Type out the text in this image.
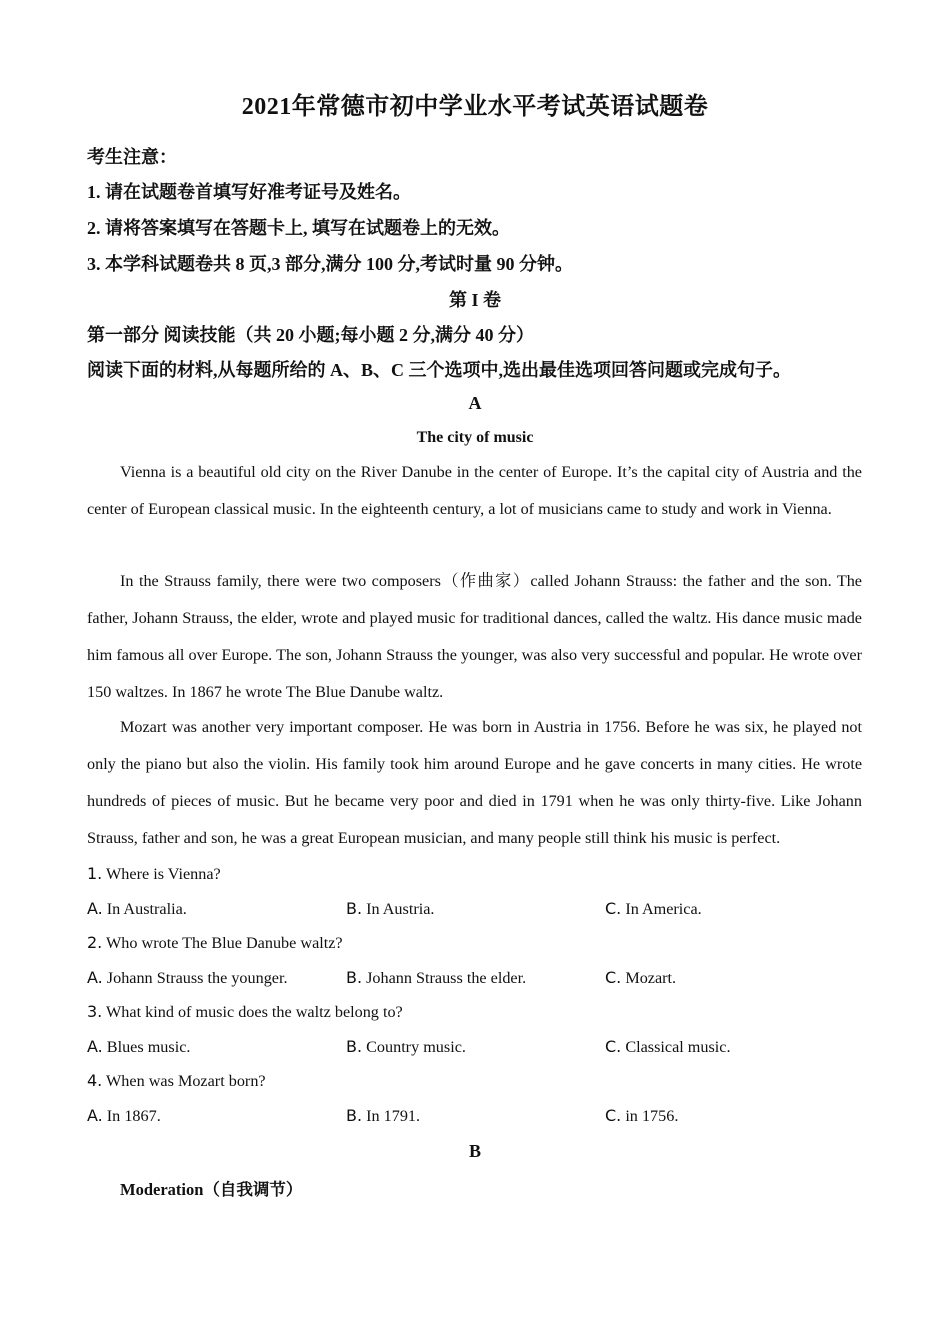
2021年常德市初中学业水平考试英语试题卷
考生注意：
1. 请在试题卷首填写好准考证号及姓名。
2. 请将答案填写在答题卡上, 填写在试题卷上的无效。
3. 本学科试题卷共 8 页,3 部分,满分 100 分,考试时量 90 分钟。
第 I 卷
第一部分 阅读技能（共 20 小题;每小题 2 分,满分 40 分）
阅读下面的材料,从每题所给的 A、B、C 三个选项中,选出最佳选项回答问题或完成句子。
A
The city of music
Vienna is a beautiful old city on the River Danube in the center of Europe. It’s the capital city of Austria and the center of European classical music. In the eighteenth century, a lot of musicians came to study and work in Vienna.
In the Strauss family, there were two composers（作曲家）called Johann Strauss: the father and the son. The father, Johann Strauss, the elder, wrote and played music for traditional dances, called the waltz. His dance music made him famous all over Europe. The son, Johann Strauss the younger, was also very successful and popular. He wrote over 150 waltzes. In 1867 he wrote The Blue Danube waltz.
Mozart was another very important composer. He was born in Austria in 1756. Before he was six, he played not only the piano but also the violin. His family took him around Europe and he gave concerts in many cities. He wrote hundreds of pieces of music. But he became very poor and died in 1791 when he was only thirty-five. Like Johann Strauss, father and son, he was a great European musician, and many people still think his music is perfect.
1. Where is Vienna?
A. In Australia.	B. In Austria.	C. In America.
2. Who wrote The Blue Danube waltz?
A. Johann Strauss the younger.	B. Johann Strauss the elder.	C. Mozart.
3. What kind of music does the waltz belong to?
A. Blues music.	B. Country music.	C. Classical music.
4. When was Mozart born?
A. In 1867.	B. In 1791.	C. in 1756.
B
Moderation（自我调节）
